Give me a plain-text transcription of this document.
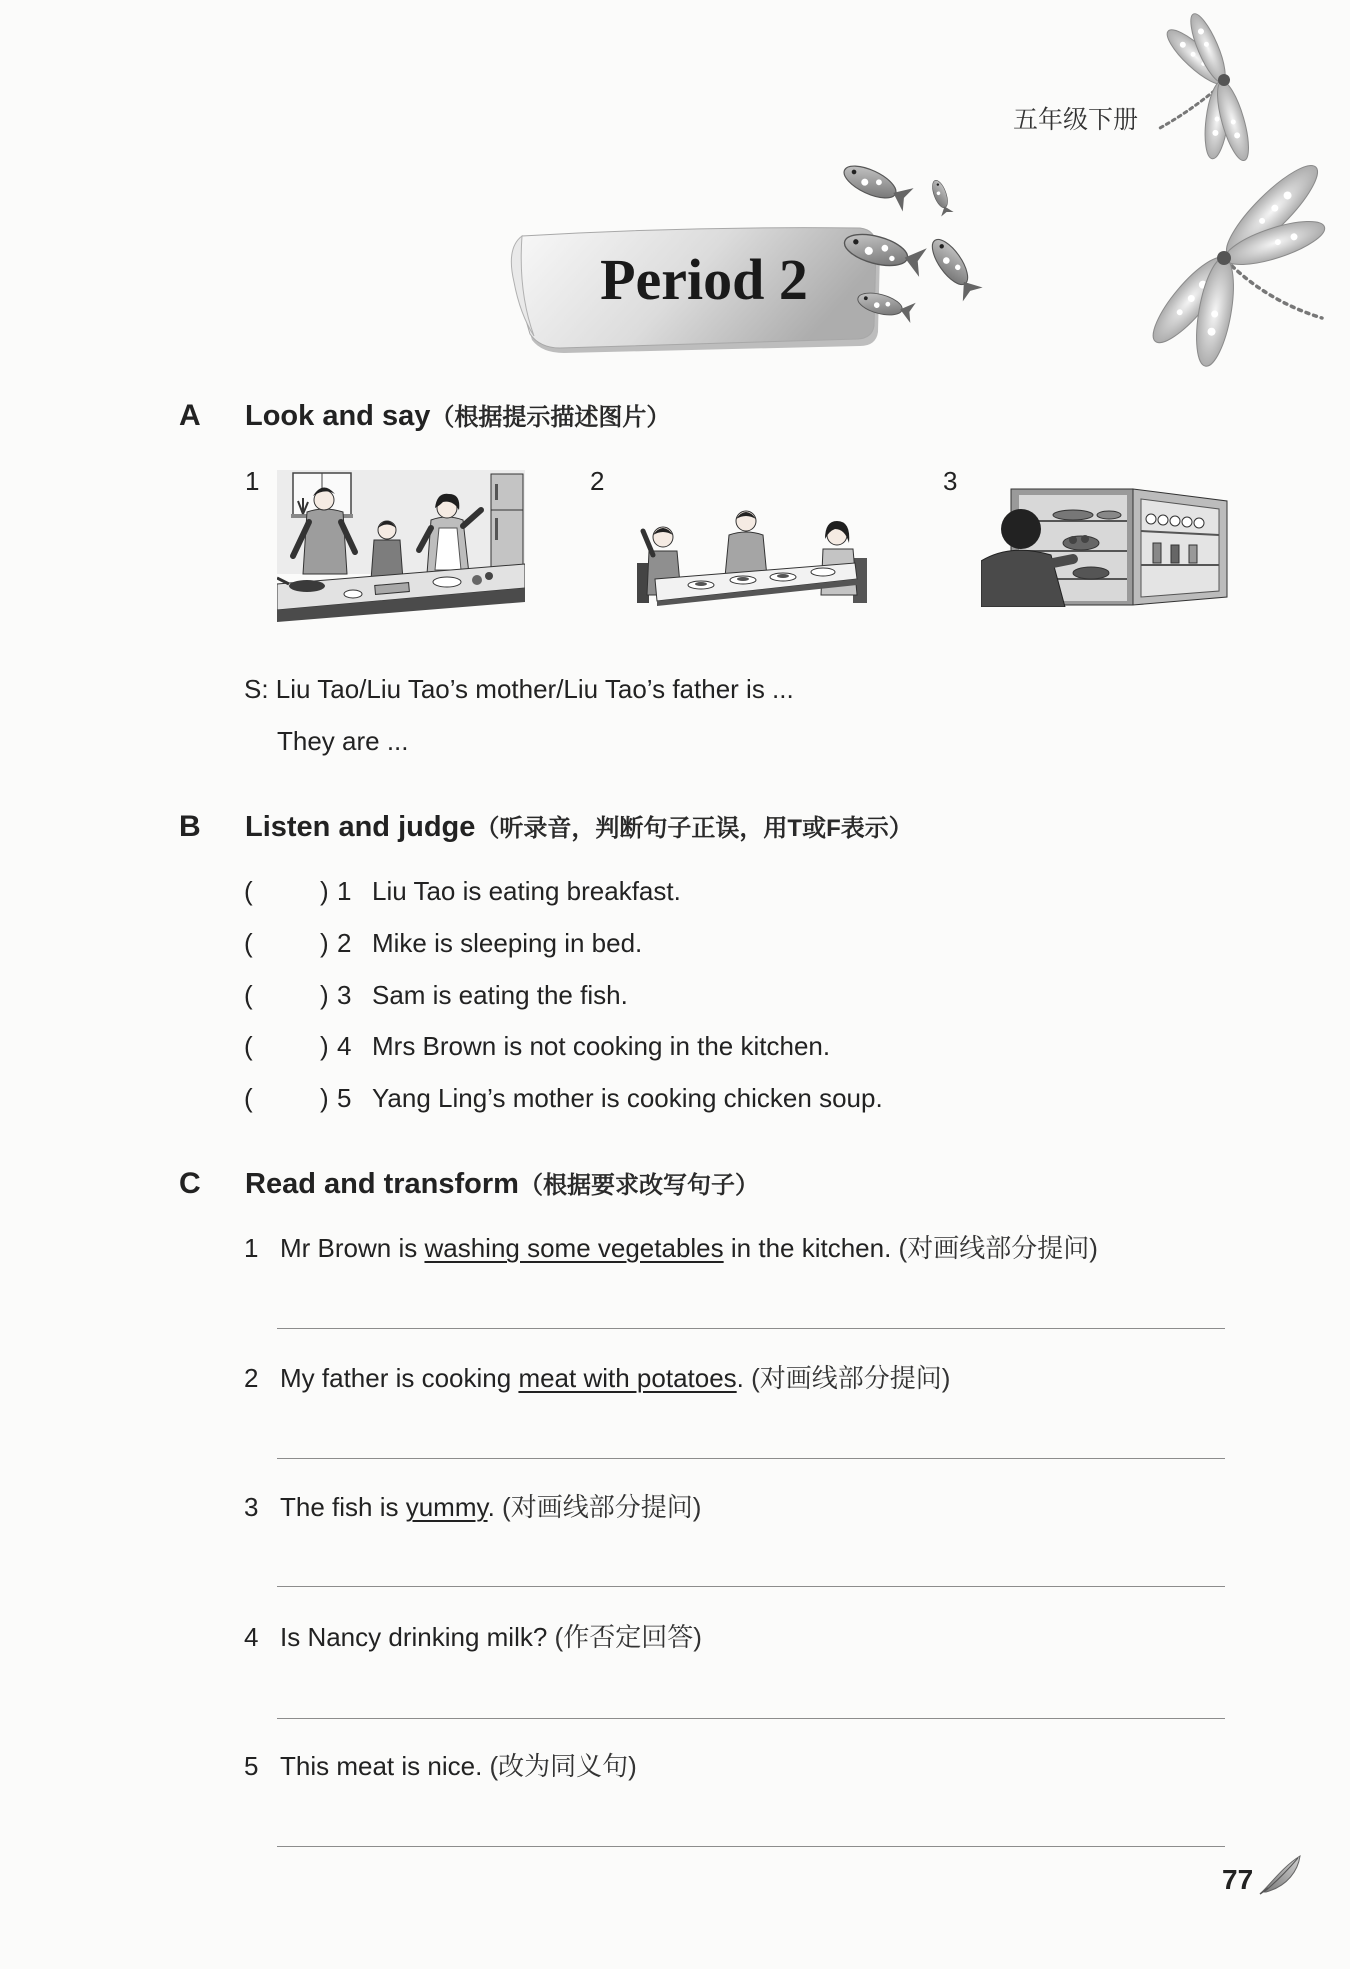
五年级下册
Period 2
A Look and say（根据提示描述图片）
1	2	3
S: Liu Tao/Liu Tao’s mother/Liu Tao’s father is ...
They are ...
B Listen and judge（听录音，判断句子正误，用T或F表示）
(	) 1 Liu Tao is eating breakfast.
(	) 2 Mike is sleeping in bed.
(	) 3 Sam is eating the fish.
(	) 4 Mrs Brown is not cooking in the kitchen.
(	) 5 Yang Ling’s mother is cooking chicken soup.
C Read and transform（根据要求改写句子）
1 Mr Brown is washing some vegetables in the kitchen. (对画线部分提问)
2 My father is cooking meat with potatoes. (对画线部分提问)
3 The fish is yummy. (对画线部分提问)
4 Is Nancy drinking milk? (作否定回答)
5 This meat is nice. (改为同义句)
77
